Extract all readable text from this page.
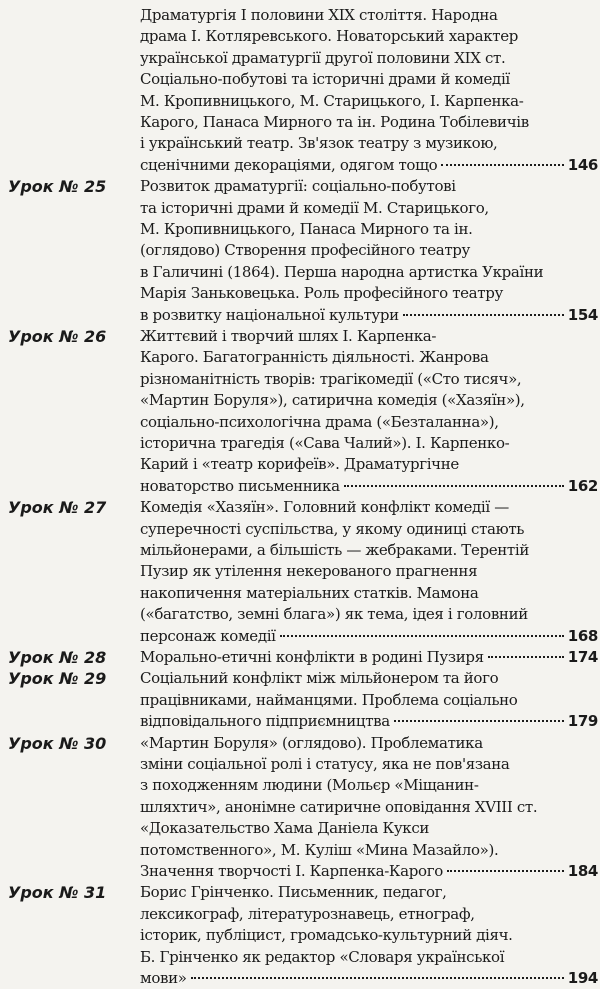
Драматургія І половини XIX століття. Народна
драма І. Котляревського. Новаторський характер
української драматургії другої половини XIX ст.
Соціально-побутові та історичні драми й комедії
М. Кропивницького, М. Старицького, І. Карпенка-
Карого, Панаса Мирного та ін. Родина Тобілевичів
і український театр. Зв'язок театру з музикою,
сценічними декораціями, одягом тощо	146
Урок № 25 Розвиток драматургії: соціально-побутові
та історичні драми й комедії М. Старицького,
М. Кропивницького, Панаса Мирного та ін.
(оглядово) Створення професійного театру
в Галичині (1864). Перша народна артистка України
Марія Заньковецька. Роль професійного театру
в розвитку національної культури	154
Урок № 26 Життєвий і творчий шлях І. Карпенка-
Карого. Багатогранність діяльності. Жанрова
різноманітність творів: трагікомедії («Сто тисяч»,
«Мартин Боруля»), сатирична комедія («Хазяїн»),
соціально-психологічна драма («Безталанна»),
історична трагедія («Сава Чалий»). І. Карпенко-
Карий і «театр корифеїв». Драматургічне
новаторство письменника	162
Урок № 27 Комедія «Хазяїн». Головний конфлікт комедії —
суперечності суспільства, у якому одиниці стають
мільйонерами, а більшість — жебраками. Терентій
Пузир як утілення некерованого прагнення
накопичення матеріальних статків. Мамона
(«багатство, земні блага») як тема, ідея і головний
персонаж комедії	168
Урок № 28 Морально-етичні конфлікти в родині Пузиря	174
Урок № 29 Соціальний конфлікт між мільйонером та його
працівниками, найманцями. Проблема соціально
відповідального підприємництва	179
Урок № 30 «Мартин Боруля» (оглядово). Проблематика
зміни соціальної ролі і статусу, яка не пов'язана
з походженням людини (Мольєр «Міщанин-
шляхтич», анонімне сатиричне оповідання XVIII ст.
«Доказательство Хама Даніела Кукси
потомственного», М. Куліш «Мина Мазайло»).
Значення творчості І. Карпенка-Карого	184
Урок № 31 Борис Грінченко. Письменник, педагог,
лексикограф, літературознавець, етнограф,
історик, публіцист, громадсько-культурний діяч.
Б. Грінченко як редактор «Словаря української
мови»	194
